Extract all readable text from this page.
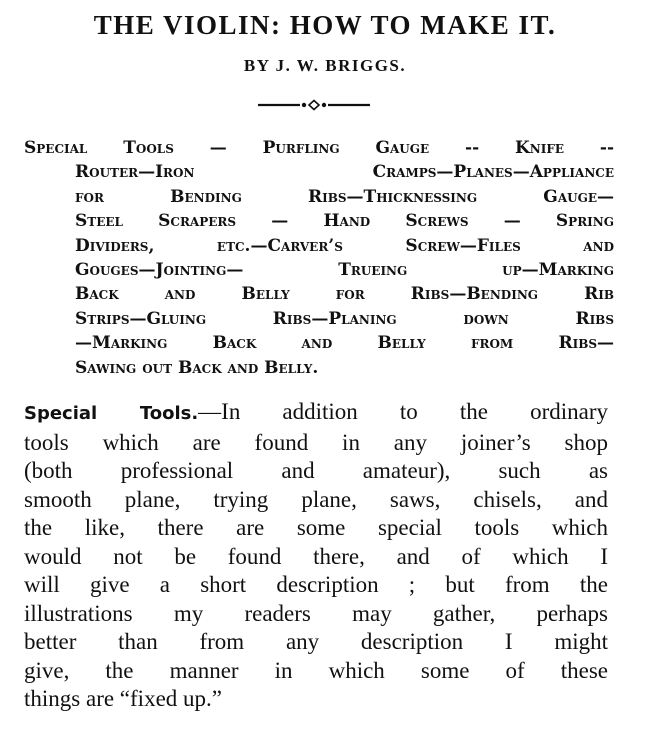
THE VIOLIN: HOW TO MAKE IT.
BY J. W. BRIGGS.
Special Tools — Purfling Gauge -- Knife --
Router—Iron Cramps—Planes—Appliance
for Bending Ribs—Thicknessing Gauge—
Steel Scrapers — Hand Screws — Spring
Dividers, etc.—Carver’s Screw—Files and
Gouges—Jointing— Trueing up—Marking
Back and Belly for Ribs—Bending Rib
Strips—Gluing Ribs—Planing down Ribs
—Marking Back and Belly from Ribs—
Sawing out Back and Belly.
Special Tools.—In addition to the ordinary
tools which are found in any joiner’s shop
(both professional and amateur), such as
smooth plane, trying plane, saws, chisels, and
the like, there are some special tools which
would not be found there, and of which I
will give a short description ; but from the
illustrations my readers may gather, perhaps
better than from any description I might
give, the manner in which some of these
things are “fixed up.”
